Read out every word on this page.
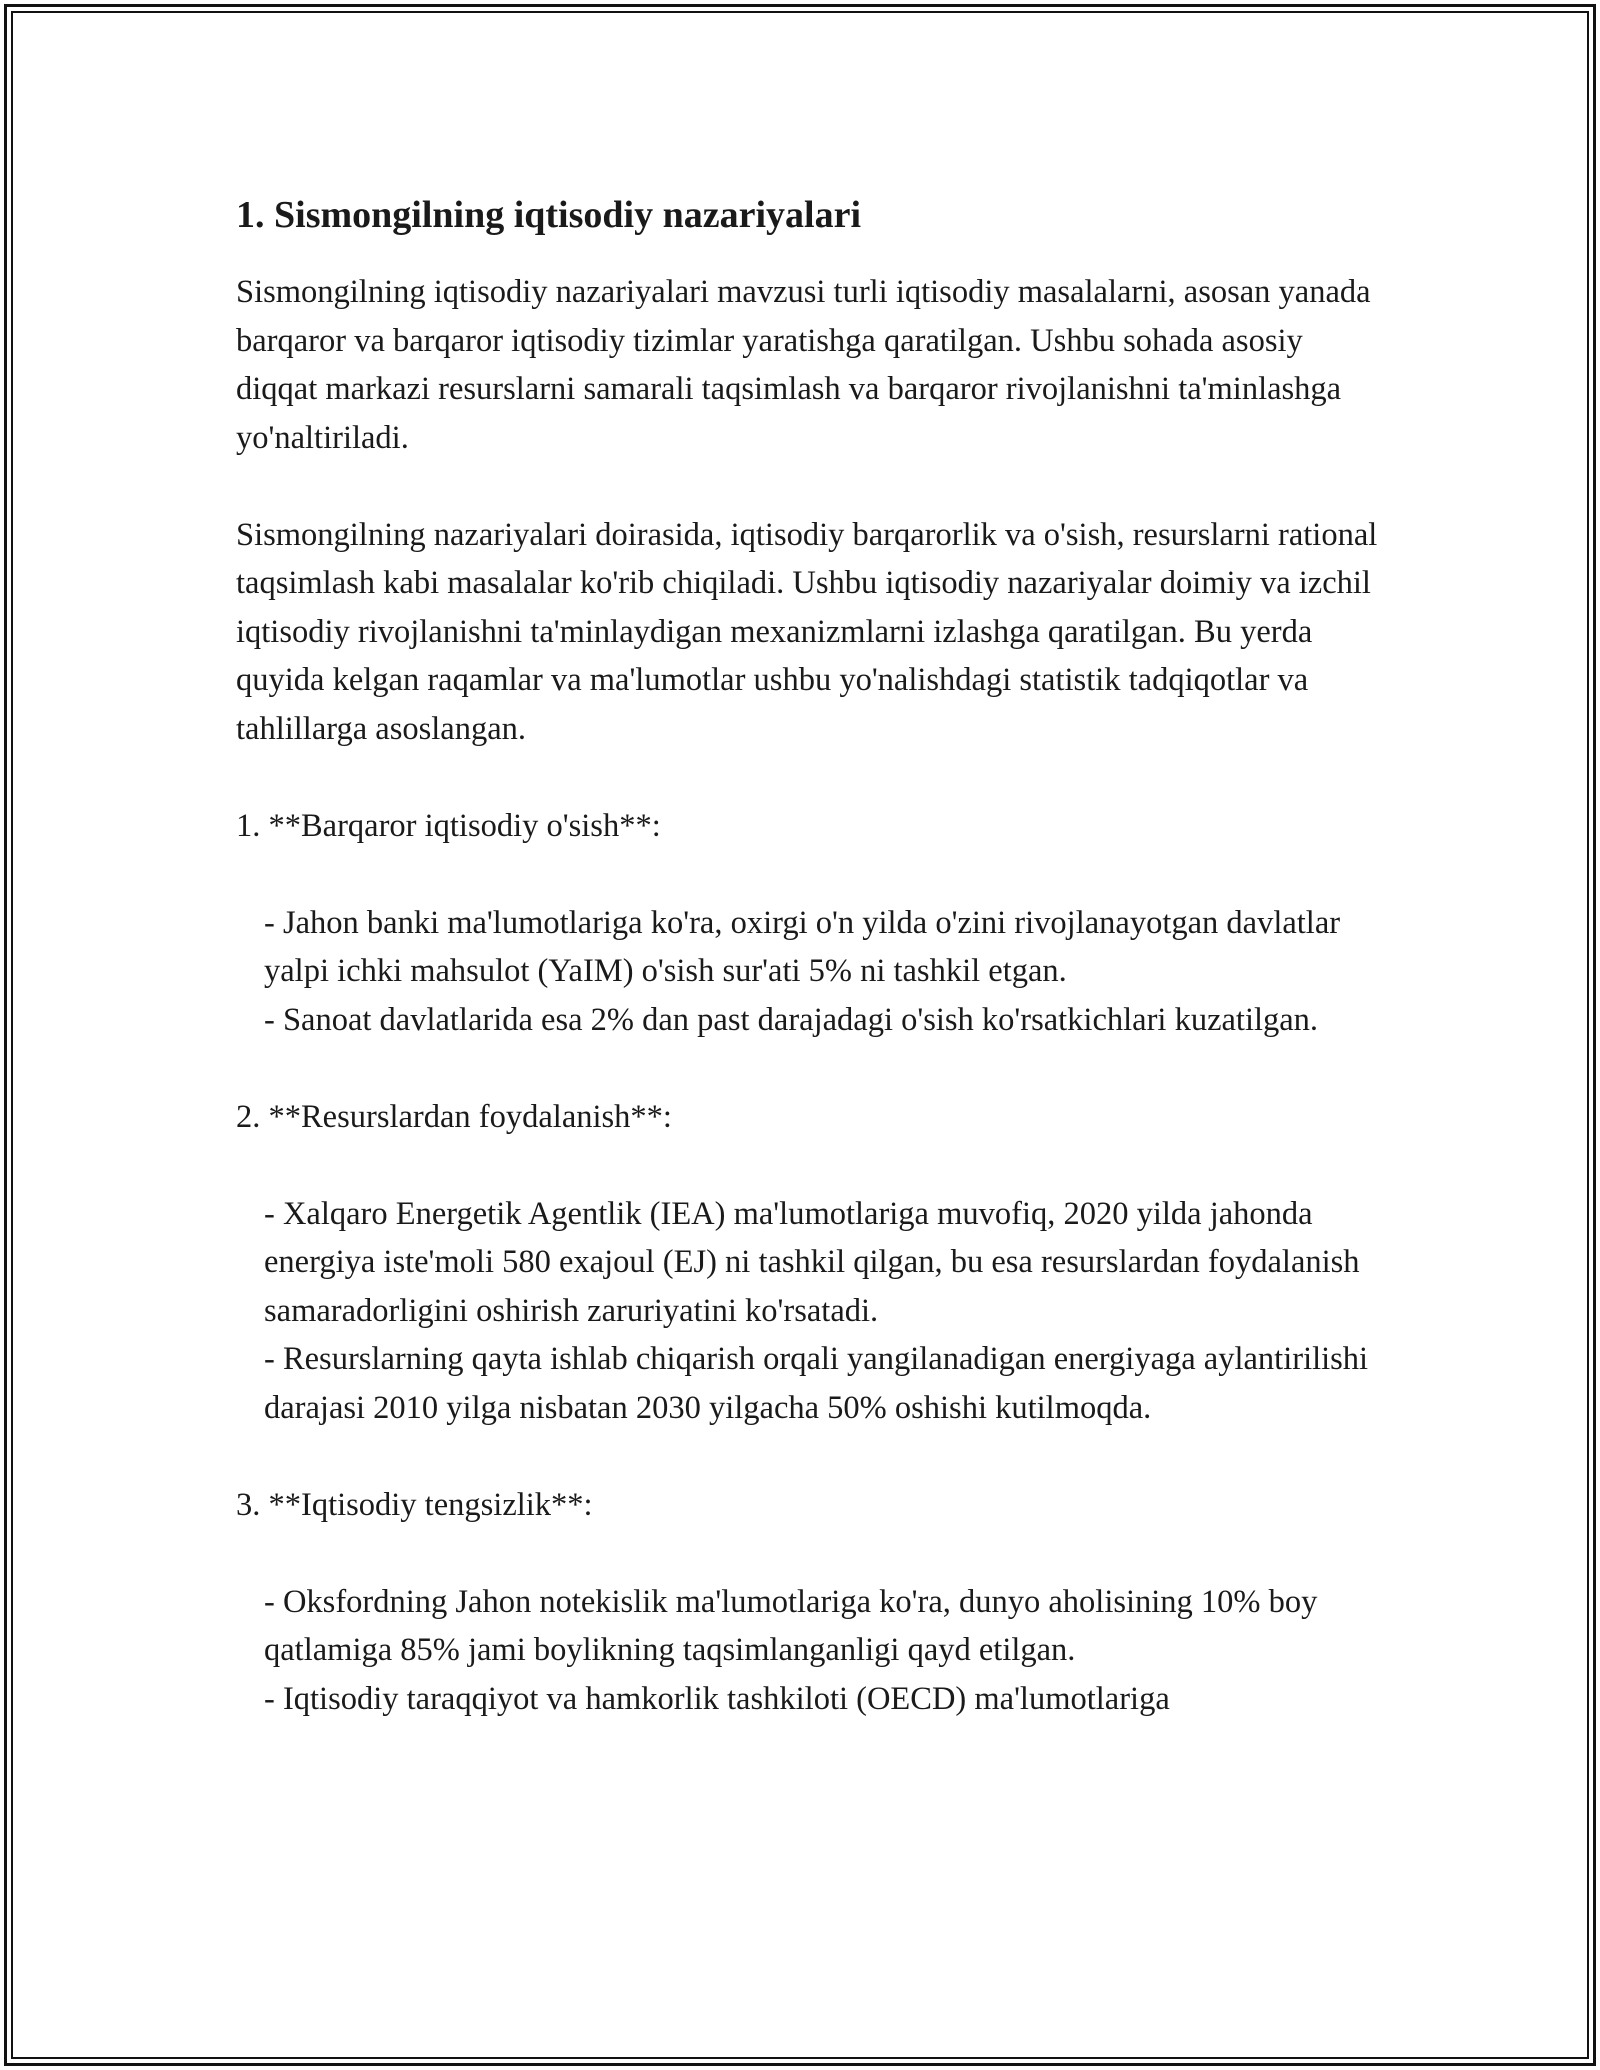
1. Sismongilning iqtisodiy nazariyalari

Sismongilning iqtisodiy nazariyalari mavzusi turli iqtisodiy masalalarni, asosan yanada barqaror va barqaror iqtisodiy tizimlar yaratishga qaratilgan. Ushbu sohada asosiy diqqat markazi resurslarni samarali taqsimlash va barqaror rivojlanishni ta'minlashga yo'naltiriladi.

Sismongilning nazariyalari doirasida, iqtisodiy barqarorlik va o'sish, resurslarni rational taqsimlash kabi masalalar ko'rib chiqiladi. Ushbu iqtisodiy nazariyalar doimiy va izchil iqtisodiy rivojlanishni ta'minlaydigan mexanizmlarni izlashga qaratilgan. Bu yerda quyida kelgan raqamlar va ma'lumotlar ushbu yo'nalishdagi statistik tadqiqotlar va tahlillarga asoslangan.

1. **Barqaror iqtisodiy o'sish**:

- Jahon banki ma'lumotlariga ko'ra, oxirgi o'n yilda o'zini rivojlanayotgan davlatlar yalpi ichki mahsulot (YaIM) o'sish sur'ati 5% ni tashkil etgan.

- Sanoat davlatlarida esa 2% dan past darajadagi o'sish ko'rsatkichlari kuzatilgan.

2. **Resurslardan foydalanish**:

- Xalqaro Energetik Agentlik (IEA) ma'lumotlariga muvofiq, 2020 yilda jahonda energiya iste'moli 580 exajoul (EJ) ni tashkil qilgan, bu esa resurslardan foydalanish samaradorligini oshirish zaruriyatini ko'rsatadi.

- Resurslarning qayta ishlab chiqarish orqali yangilanadigan energiyaga aylantirilishi darajasi 2010 yilga nisbatan 2030 yilgacha 50% oshishi kutilmoqda.

3. **Iqtisodiy tengsizlik**:

- Oksfordning Jahon notekislik ma'lumotlariga ko'ra, dunyo aholisining 10% boy qatlamiga 85% jami boylikning taqsimlanganligi qayd etilgan.

- Iqtisodiy taraqqiyot va hamkorlik tashkiloti (OECD) ma'lumotlariga
